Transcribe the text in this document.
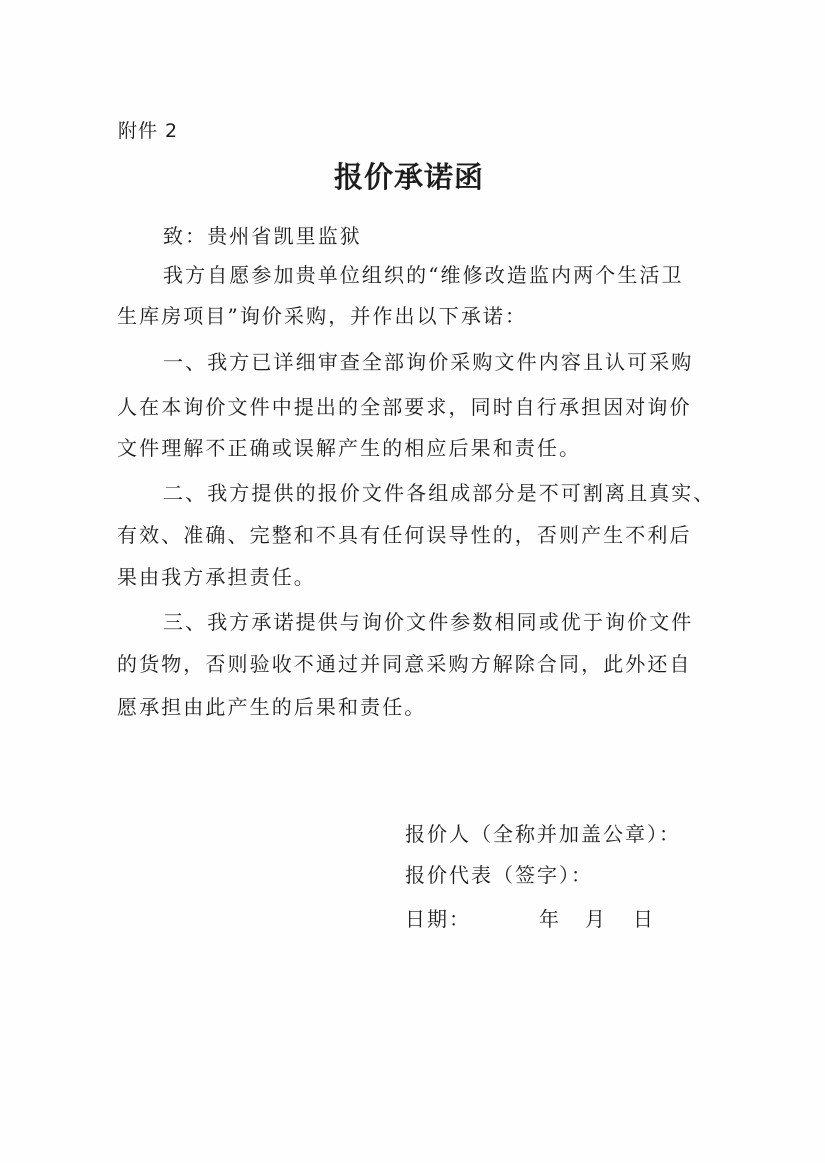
附件 2
报价承诺函
致：贵州省凯里监狱
我方自愿参加贵单位组织的“维修改造监内两个生活卫
生库房项目”询价采购，并作出以下承诺：
一、我方已详细审查全部询价采购文件内容且认可采购
人在本询价文件中提出的全部要求，同时自行承担因对询价
文件理解不正确或误解产生的相应后果和责任。
二、我方提供的报价文件各组成部分是不可割离且真实、
有效、准确、完整和不具有任何误导性的，否则产生不利后
果由我方承担责任。
三、我方承诺提供与询价文件参数相同或优于询价文件
的货物，否则验收不通过并同意采购方解除合同，此外还自
愿承担由此产生的后果和责任。
报价人（全称并加盖公章）：
报价代表（签字）：
日期：	年 月 日
